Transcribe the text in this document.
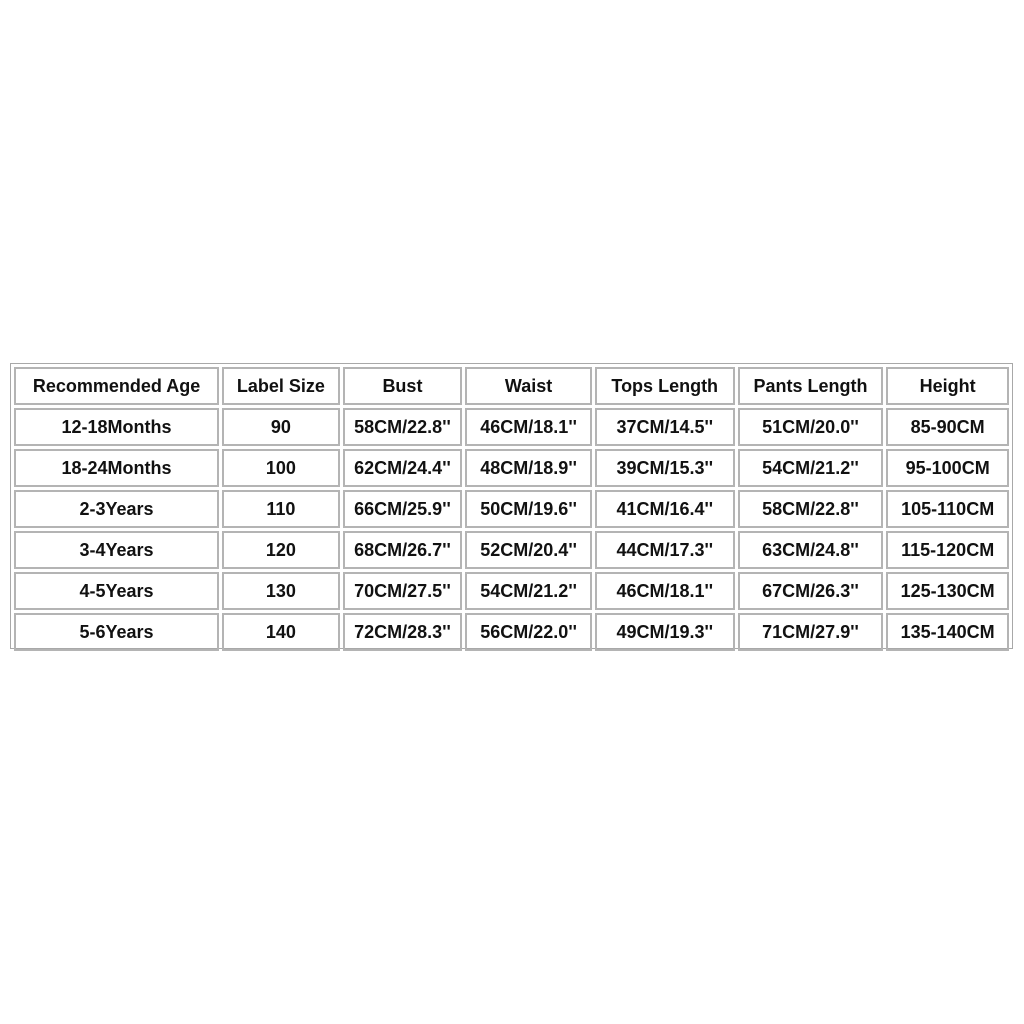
Recommended Age	Label Size	Bust	Waist	Tops Length	Pants Length	Height
12-18Months	90	58CM/22.8''	46CM/18.1''	37CM/14.5''	51CM/20.0''	85-90CM
18-24Months	100	62CM/24.4''	48CM/18.9''	39CM/15.3''	54CM/21.2''	95-100CM
2-3Years	110	66CM/25.9''	50CM/19.6''	41CM/16.4''	58CM/22.8''	105-110CM
3-4Years	120	68CM/26.7''	52CM/20.4''	44CM/17.3''	63CM/24.8''	115-120CM
4-5Years	130	70CM/27.5''	54CM/21.2''	46CM/18.1''	67CM/26.3''	125-130CM
5-6Years	140	72CM/28.3''	56CM/22.0''	49CM/19.3''	71CM/27.9''	135-140CM
